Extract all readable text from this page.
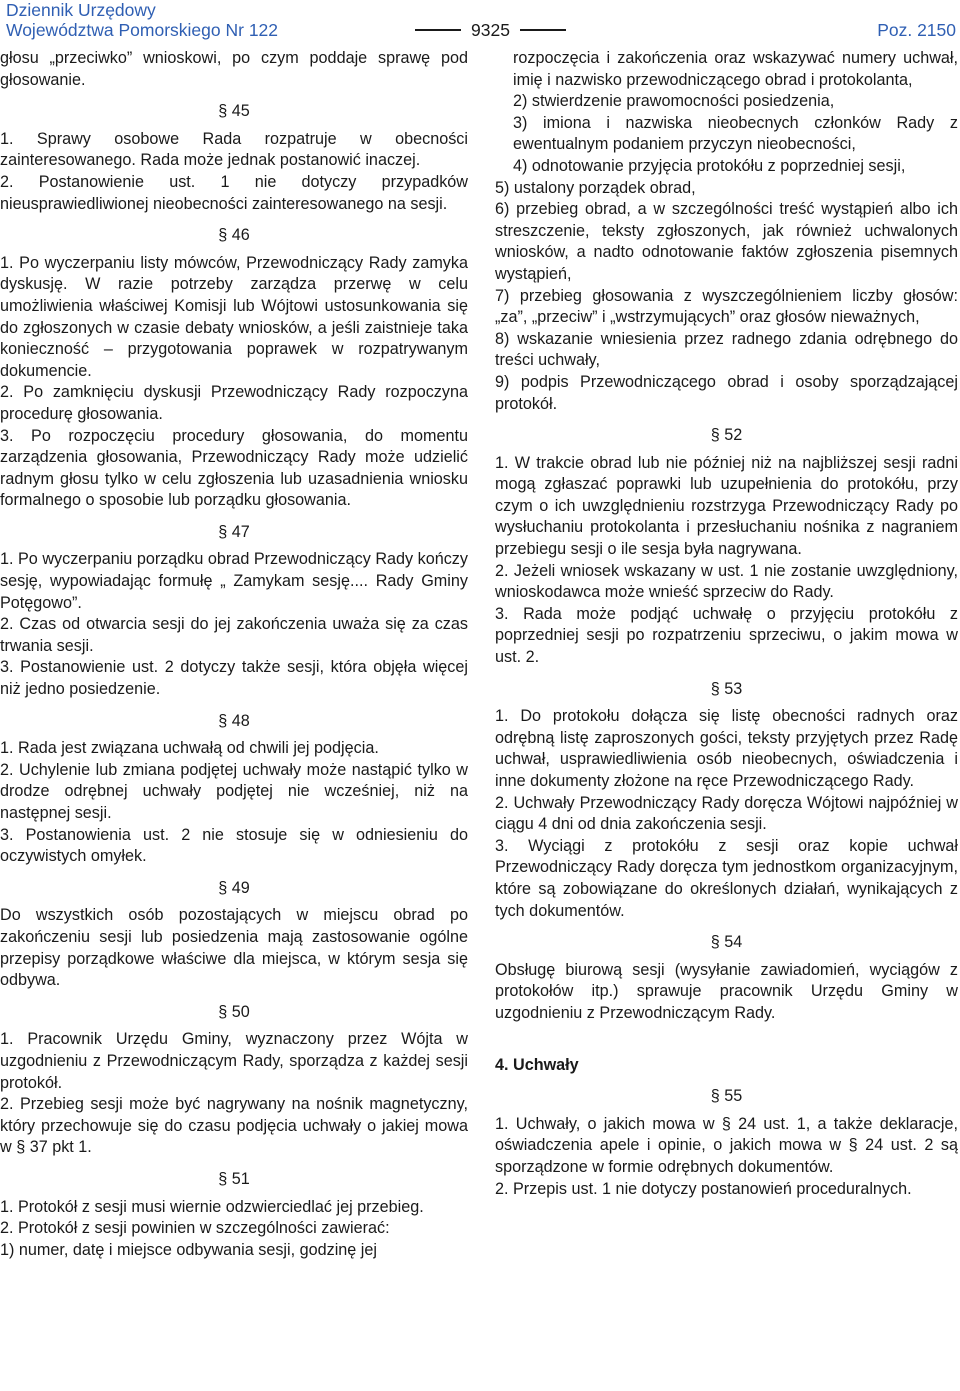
Dziennik Urzędowy
Województwa Pomorskiego Nr 122	9325	Poz. 2150

głosu „przeciwko” wnioskowi, po czym poddaje sprawę pod głosowanie.

§ 45

1. Sprawy osobowe Rada rozpatruje w obecności zainteresowanego. Rada może jednak postanowić inaczej.

2. Postanowienie ust. 1 nie dotyczy przypadków nieusprawiedliwionej nieobecności zainteresowanego na sesji.

§ 46

1. Po wyczerpaniu listy mówców, Przewodniczący Rady zamyka dyskusję. W razie potrzeby zarządza przerwę w celu umożliwienia właściwej Komisji lub Wójtowi ustosunkowania się do zgłoszonych w czasie debaty wniosków, a jeśli zaistnieje taka konieczność – przygotowania poprawek w rozpatrywanym dokumencie.

2. Po zamknięciu dyskusji Przewodniczący Rady rozpoczyna procedurę głosowania.

3. Po rozpoczęciu procedury głosowania, do momentu zarządzenia głosowania, Przewodniczący Rady może udzielić radnym głosu tylko w celu zgłoszenia lub uzasadnienia wniosku formalnego o sposobie lub porządku głosowania.

§ 47

1. Po wyczerpaniu porządku obrad Przewodniczący Rady kończy sesję, wypowiadając formułę „ Zamykam sesję.... Rady Gminy Potęgowo”.

2. Czas od otwarcia sesji do jej zakończenia uważa się za czas trwania sesji.

3. Postanowienie ust. 2 dotyczy także sesji, która objęła więcej niż jedno posiedzenie.

§ 48

1. Rada jest związana uchwałą od chwili jej podjęcia.

2. Uchylenie lub zmiana podjętej uchwały może nastąpić tylko w drodze odrębnej uchwały podjętej nie wcześniej, niż na następnej sesji.

3. Postanowienia ust. 2 nie stosuje się w odniesieniu do oczywistych omyłek.

§ 49

Do wszystkich osób pozostających w miejscu obrad po zakończeniu sesji lub posiedzenia mają zastosowanie ogólne przepisy porządkowe właściwe dla miejsca, w którym sesja się odbywa.

§ 50

1. Pracownik Urzędu Gminy, wyznaczony przez Wójta w uzgodnieniu z Przewodniczącym Rady, sporządza z każdej sesji protokół.

2. Przebieg sesji może być nagrywany na nośnik magnetyczny, który przechowuje się do czasu podjęcia uchwały o jakiej mowa w § 37 pkt 1.

§ 51

1. Protokół z sesji musi wiernie odzwierciedlać jej przebieg.

2. Protokół z sesji powinien w szczególności zawierać:

1) numer, datę i miejsce odbywania sesji, godzinę jej

rozpoczęcia i zakończenia oraz wskazywać numery uchwał, imię i nazwisko przewodniczącego obrad i protokolanta,

2) stwierdzenie prawomocności posiedzenia,

3) imiona i nazwiska nieobecnych członków Rady z ewentualnym podaniem przyczyn nieobecności,

4) odnotowanie przyjęcia protokółu z poprzedniej sesji,

5) ustalony porządek obrad,

6) przebieg obrad, a w szczególności treść wystąpień albo ich streszczenie, teksty zgłoszonych, jak również uchwalonych wniosków, a nadto odnotowanie faktów zgłoszenia pisemnych wystąpień,

7) przebieg głosowania z wyszczególnieniem liczby głosów: „za”, „przeciw” i „wstrzymujących” oraz głosów nieważnych,

8) wskazanie wniesienia przez radnego zdania odrębnego do treści uchwały,

9) podpis Przewodniczącego obrad i osoby sporządzającej protokół.

§ 52

1. W trakcie obrad lub nie później niż na najbliższej sesji radni mogą zgłaszać poprawki lub uzupełnienia do protokółu, przy czym o ich uwzględnieniu rozstrzyga Przewodniczący Rady po wysłuchaniu protokolanta i przesłuchaniu nośnika z nagraniem przebiegu sesji o ile sesja była nagrywana.

2. Jeżeli wniosek wskazany w ust. 1 nie zostanie uwzględniony, wnioskodawca może wnieść sprzeciw do Rady.

3. Rada może podjąć uchwałę o przyjęciu protokółu z poprzedniej sesji po rozpatrzeniu sprzeciwu, o jakim mowa w ust. 2.

§ 53

1. Do protokołu dołącza się listę obecności radnych oraz odrębną listę zaproszonych gości, teksty przyjętych przez Radę uchwał, usprawiedliwienia osób nieobecnych, oświadczenia i inne dokumenty złożone na ręce Przewodniczącego Rady.

2. Uchwały Przewodniczący Rady doręcza Wójtowi najpóźniej w ciągu 4 dni od dnia zakończenia sesji.

3. Wyciągi z protokółu z sesji oraz kopie uchwał Przewodniczący Rady doręcza tym jednostkom organizacyjnym, które są zobowiązane do określonych działań, wynikających z tych dokumentów.

§ 54

Obsługę biurową sesji (wysyłanie zawiadomień, wyciągów z protokołów itp.) sprawuje pracownik Urzędu Gminy w uzgodnieniu z Przewodniczącym Rady.

4. Uchwały
§ 55

1. Uchwały, o jakich mowa w § 24 ust. 1, a także deklaracje, oświadczenia apele i opinie, o jakich mowa w § 24 ust. 2 są sporządzone w formie odrębnych dokumentów.

2. Przepis ust. 1 nie dotyczy postanowień proceduralnych.
